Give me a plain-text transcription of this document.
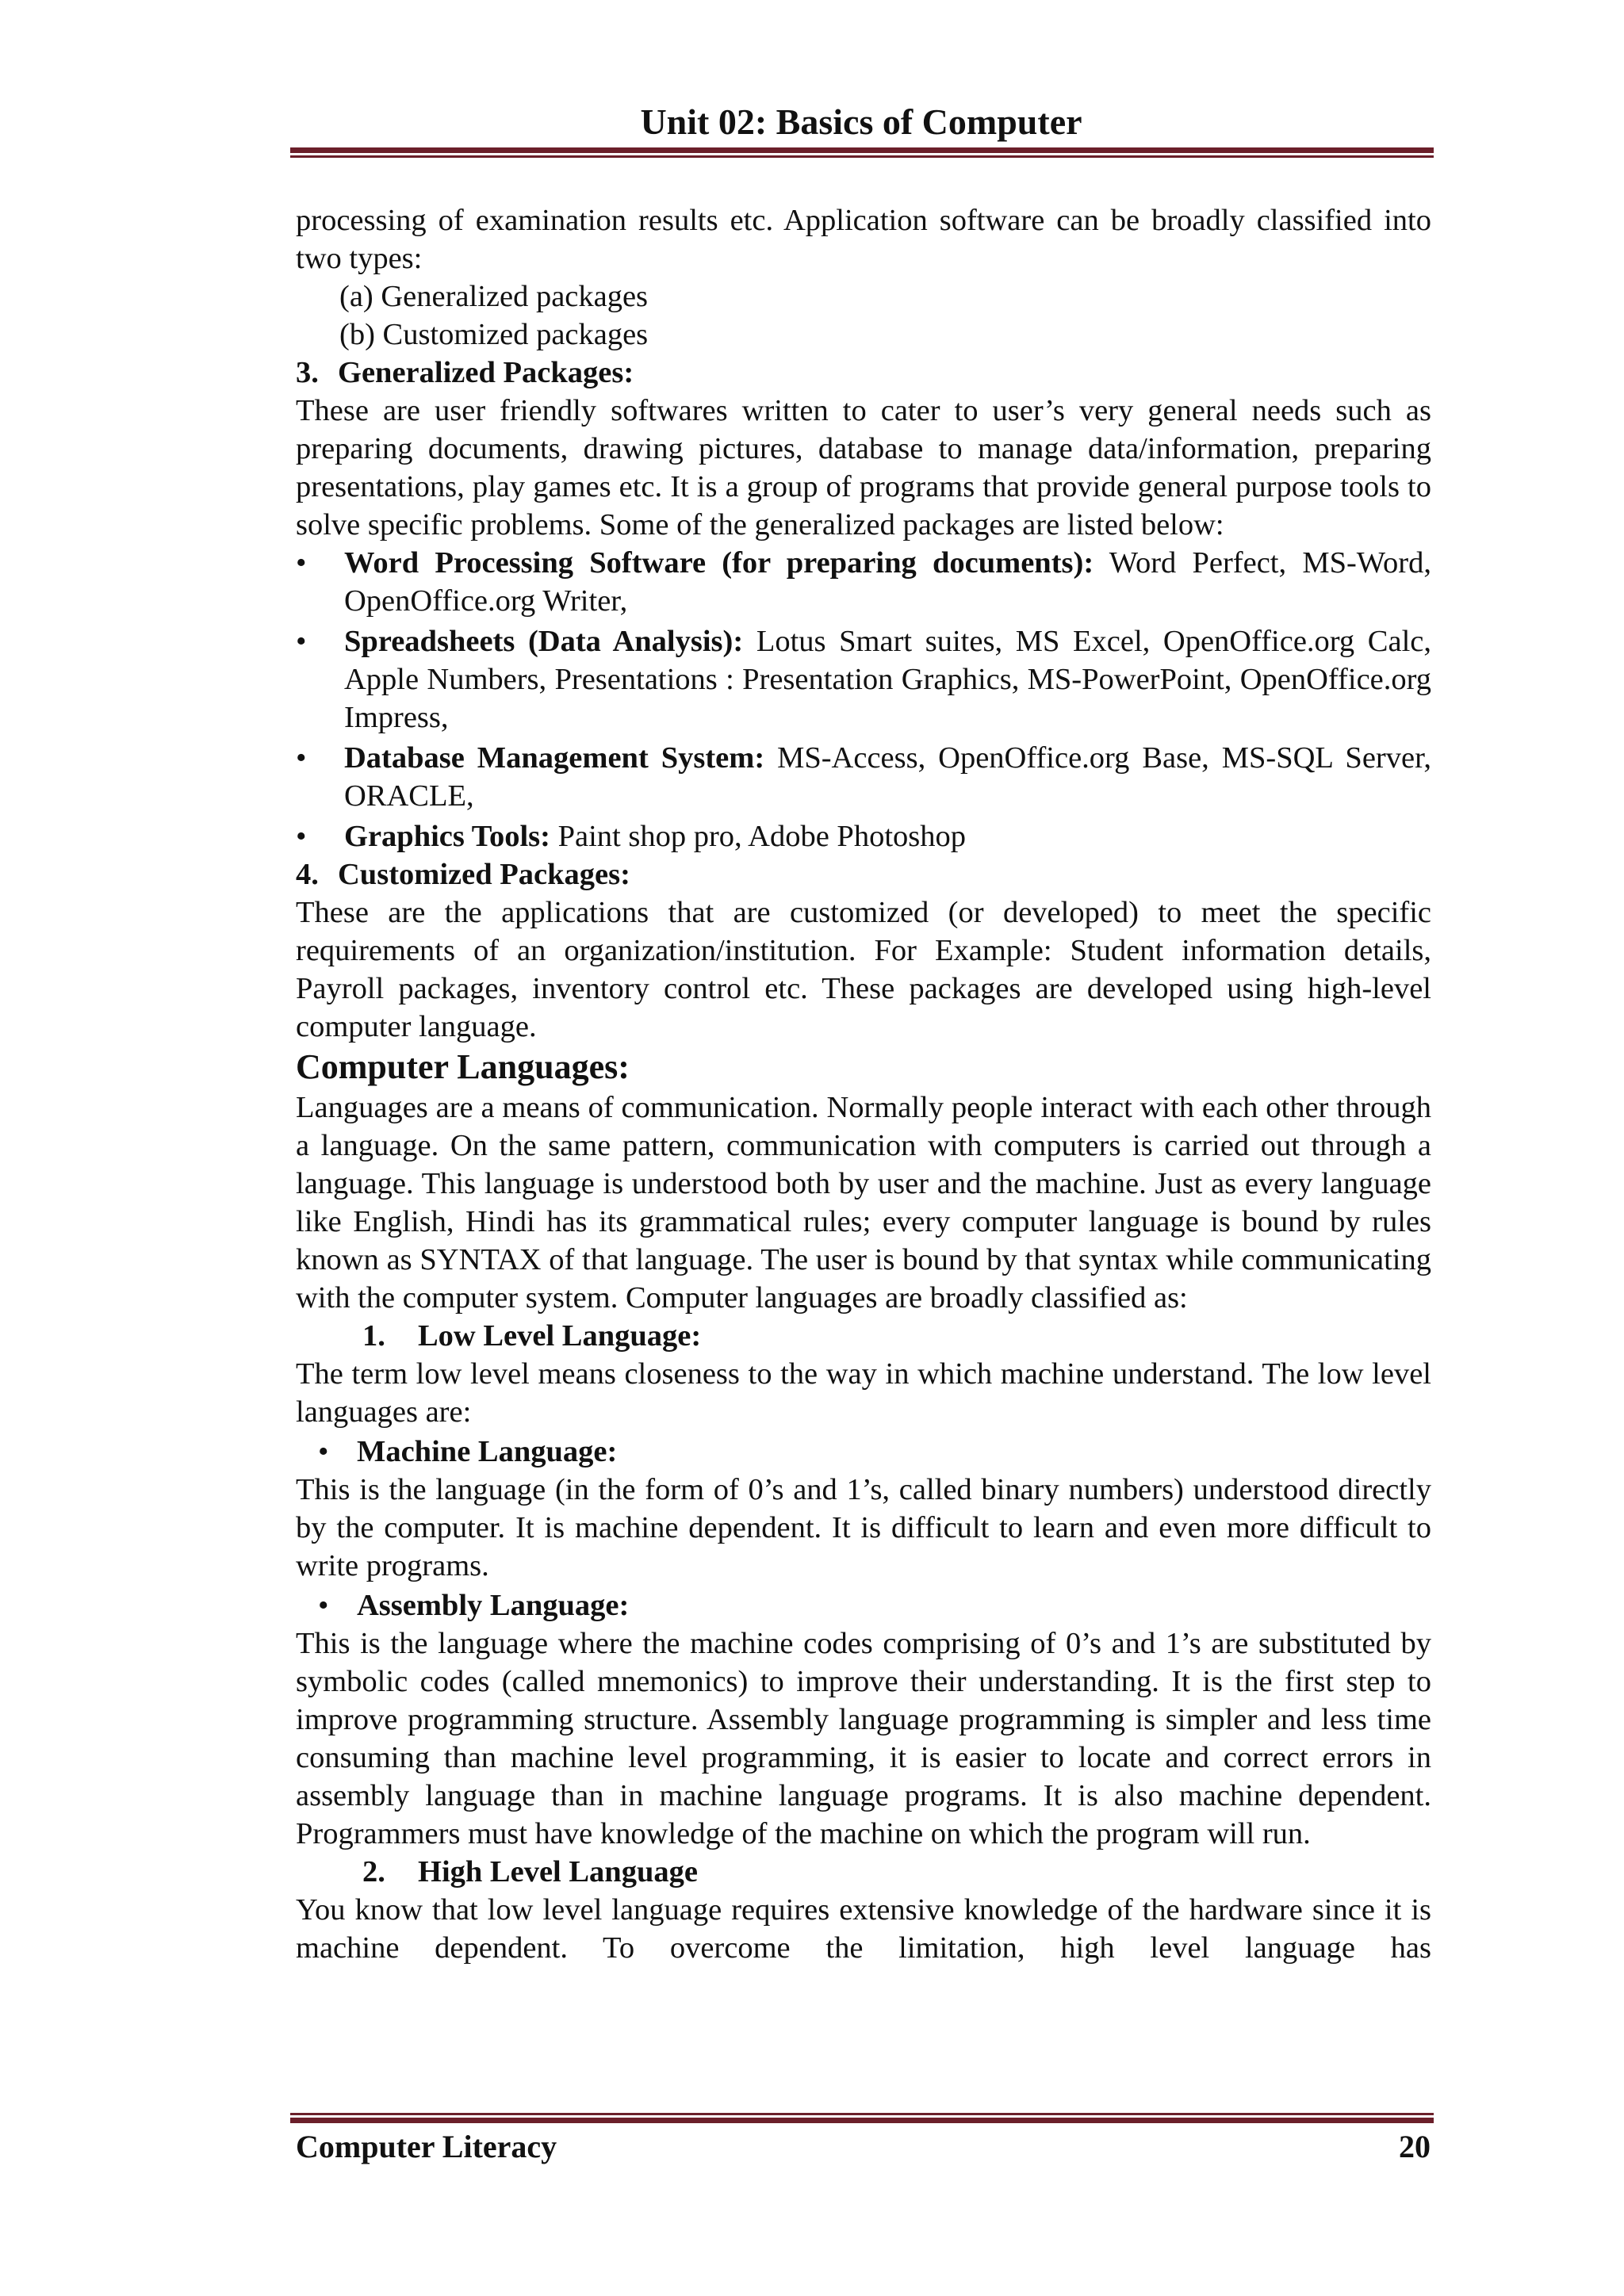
Unit 02: Basics of Computer

processing of examination results etc. Application software can be broadly classified into two types:

(a) Generalized packages

(b) Customized packages

3. Generalized Packages:

These are user friendly softwares written to cater to user’s very general needs such as preparing documents, drawing pictures, database to manage data/information, preparing presentations, play games etc. It is a group of programs that provide general purpose tools to solve specific problems. Some of the generalized packages are listed below:

• Word Processing Software (for preparing documents): Word Perfect, MS-Word, OpenOffice.org Writer,
• Spreadsheets (Data Analysis): Lotus Smart suites, MS Excel, OpenOffice.org Calc, Apple Numbers, Presentations : Presentation Graphics, MS-PowerPoint, OpenOffice.org Impress,
• Database Management System: MS-Access, OpenOffice.org Base, MS-SQL Server, ORACLE,
• Graphics Tools: Paint shop pro, Adobe Photoshop

4. Customized Packages:

These are the applications that are customized (or developed) to meet the specific requirements of an organization/institution. For Example: Student information details, Payroll packages, inventory control etc. These packages are developed using high-level computer language.

Computer Languages:

Languages are a means of communication. Normally people interact with each other through a language. On the same pattern, communication with computers is carried out through a language. This language is understood both by user and the machine. Just as every language like English, Hindi has its grammatical rules; every computer language is bound by rules known as SYNTAX of that language. The user is bound by that syntax while communicating with the computer system. Computer languages are broadly classified as:

1. Low Level Language:

The term low level means closeness to the way in which machine understand. The low level languages are:

• Machine Language:

This is the language (in the form of 0’s and 1’s, called binary numbers) understood directly by the computer. It is machine dependent. It is difficult to learn and even more difficult to write programs.

• Assembly Language:

This is the language where the machine codes comprising of 0’s and 1’s are substituted by symbolic codes (called mnemonics) to improve their understanding. It is the first step to improve programming structure. Assembly language programming is simpler and less time consuming than machine level programming, it is easier to locate and correct errors in assembly language than in machine language programs. It is also machine dependent. Programmers must have knowledge of the machine on which the program will run.

2. High Level Language

You know that low level language requires extensive knowledge of the hardware since it is machine dependent. To overcome the limitation, high level language has

Computer Literacy	20
